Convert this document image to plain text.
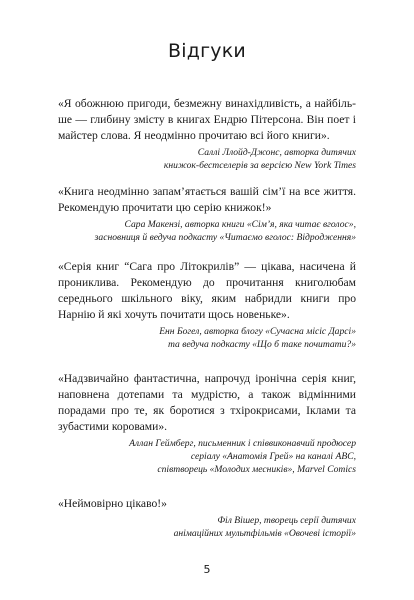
Відгуки

«Я обожнюю пригоди, безмежну винахідливість, а найбільше — глибину змісту в книгах Ендрю Пітерсона. Він поет і майстер слова. Я неодмінно прочитаю всі його книги».

Саллі Ллойд-Джонс, авторка дитячих
книжок-бестселерів за версією New York Times

«Книга неодмінно запам’ятається вашій сім’ї на все життя. Рекомендую прочитати цю серію книжок!»

Сара Макензі, авторка книги «Сім’я, яка читає вголос»,
засновниця й ведуча подкасту «Читаємо вголос: Відродження»

«Серія книг “Сага про Літокрилів” — цікава, насичена й прониклива. Рекомендую до прочитання книголюбам середнього шкільного віку, яким набридли книги про Нарнію й які хочуть почитати щось новеньке».

Енн Богел, авторка блогу «Сучасна місіс Дарсі»
та ведуча подкасту «Що б таке почитати?»

«Надзвичайно фантастична, напрочуд іронічна серія книг, наповнена дотепами та мудрістю, а також відмінними порадами про те, як боротися з тхірокрисами, Іклами та зубастими коровами».

Аллан Геймберг, письменник і співвиконавчий продюсер
серіалу «Анатомія Грей» на каналі ABC,
співтворець «Молодих месників», Marvel Comics

«Неймовірно цікаво!»

Філ Вішер, творець серії дитячих
анімаційних мультфільмів «Овочеві історії»
5
